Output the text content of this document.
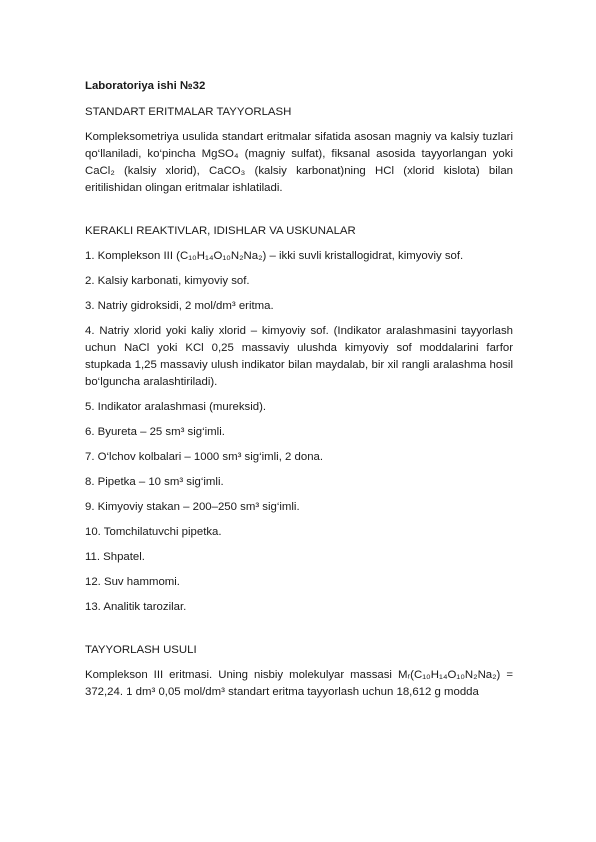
Laboratoriya ishi №32
STANDART ERITMALAR TAYYORLASH

Kompleksometriya usulida standart eritmalar sifatida asosan magniy va kalsiy tuzlari qo‘llaniladi, ko‘pincha MgSO₄ (magniy sulfat), fiksanal asosida tayyorlangan yoki CaCl₂ (kalsiy xlorid), CaCO₃ (kalsiy karbonat)ning HCl (xlorid kislota) bilan eritilishidan olingan eritmalar ishlatiladi.

KERAKLI REAKTIVLAR, IDISHLAR VA USKUNALAR
1. Komplekson III (C₁₀H₁₄O₁₀N₂Na₂) – ikki suvli kristallogidrat, kimyoviy sof.
2. Kalsiy karbonati, kimyoviy sof.
3. Natriy gidroksidi, 2 mol/dm³ eritma.
4. Natriy xlorid yoki kaliy xlorid – kimyoviy sof. (Indikator aralashmasini tayyorlash uchun NaCl yoki KCl 0,25 massaviy ulushda kimyoviy sof moddalarini farfor stupkada 1,25 massaviy ulush indikator bilan maydalab, bir xil rangli aralashma hosil bo‘lguncha aralashtiriladi).
5. Indikator aralashmasi (mureksid).
6. Byureta – 25 sm³ sig‘imli.
7. O‘lchov kolbalari – 1000 sm³ sig‘imli, 2 dona.
8. Pipetka – 10 sm³ sig‘imli.
9. Kimyoviy stakan – 200–250 sm³ sig‘imli.
10. Tomchilatuvchi pipetka.
11. Shpatel.
12. Suv hammomi.
13. Analitik tarozilar.
TAYYORLASH USULI

Komplekson III eritmasi. Uning nisbiy molekulyar massasi Mᵣ(C₁₀H₁₄O₁₀N₂Na₂) = 372,24. 1 dm³ 0,05 mol/dm³ standart eritma tayyorlash uchun 18,612 g modda
